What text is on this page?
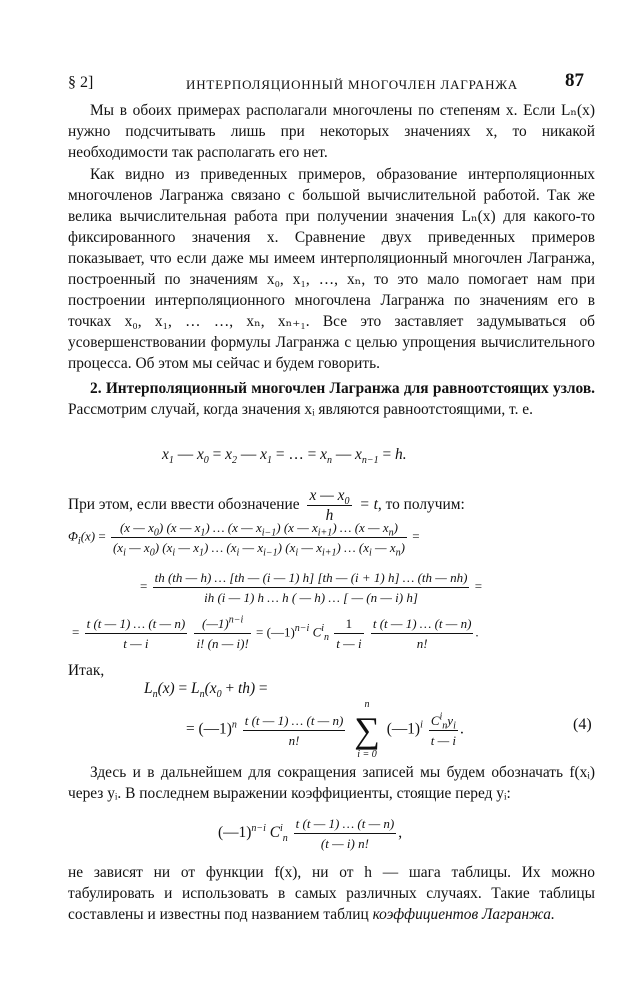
§ 2]	ИНТЕРПОЛЯЦИОННЫЙ МНОГОЧЛЕН ЛАГРАНЖА 87
Мы в обоих примерах располагали многочлены по степеням x. Если Lₙ(x) нужно подсчитывать лишь при некоторых значениях x, то никакой необходимости так располагать его нет.
Как видно из приведенных примеров, образование интерполяционных многочленов Лагранжа связано с большой вычислительной работой. Так же велика вычислительная работа при получении значения Lₙ(x) для какого-то фиксированного значения x. Сравнение двух приведенных примеров показывает, что если даже мы имеем интерполяционный многочлен Лагранжа, построенный по значениям x₀, x₁, …, xₙ, то это мало помогает нам при построении интерполяционного многочлена Лагранжа по значениям его в точках x₀, x₁, … …, xₙ, xₙ₊₁. Все это заставляет задумываться об усовершенствовании формулы Лагранжа с целью упрощения вычислительного процесса. Об этом мы сейчас и будем говорить.
2. Интерполяционный многочлен Лагранжа для равноотстоящих узлов. Рассмотрим случай, когда значения xᵢ являются равноотстоящими, т. е.
$x_1$ — $x_0 = x_2$ — $x_1$ = … = $x_n$ — $x_{n-1} = h$.
При этом, если ввести обозначение $\frac{x — x_0}{h} = t$, то получим:
$\Phi_i(x) = \frac{(x — x_0) (x — x_1) \dots (x — x_{i-1}) (x — x_{i+1}) \dots (x — x_n)}{(x_i — x_0) (x_i — x_1) \dots (x_i — x_{i-1}) (x_i — x_{i+1}) \dots (x_i — x_n)}$ =
= $\frac{th (th — h) \dots [th — (i — 1) h] [th — (i + 1) h] \dots (th — nh)}{ih (i — 1) h \dots h ( — h) \dots [ — (n — i) h]}$ =
= $\frac{t (t — 1) \dots (t — n)}{t — i}$
$\frac{(—1)^{n-i}}{i! (n — i)!}$ = (—1)$^{n-i}$ $C^i_n \frac{1}{t — i}$
$\frac{t (t — 1) \dots (t — n)}{n!}$ .
Итак,
$L_n(x) = L_n(x_0 + th)$ =
= (—1)$^n$ $\frac{t (t — 1) \dots (t — n)}{n!}$

n
∑
i = 0
(—1)$^i$ $\frac{C^i_ny_i}{t — i}$ .	(4)
Здесь и в дальнейшем для сокращения записей мы будем обозначать f(xᵢ) через yᵢ. В последнем выражении коэффициенты, стоящие перед yᵢ:
(—1)$^{n-i}$ $C^i_n \frac{t (t — 1) \dots (t — n)}{(t — i) n!}$ ,
не зависят ни от функции f(x), ни от h — шага таблицы. Их можно табулировать и использовать в самых различных случаях. Такие таблицы составлены и известны под названием таблиц коэффициентов Лагранжа.
